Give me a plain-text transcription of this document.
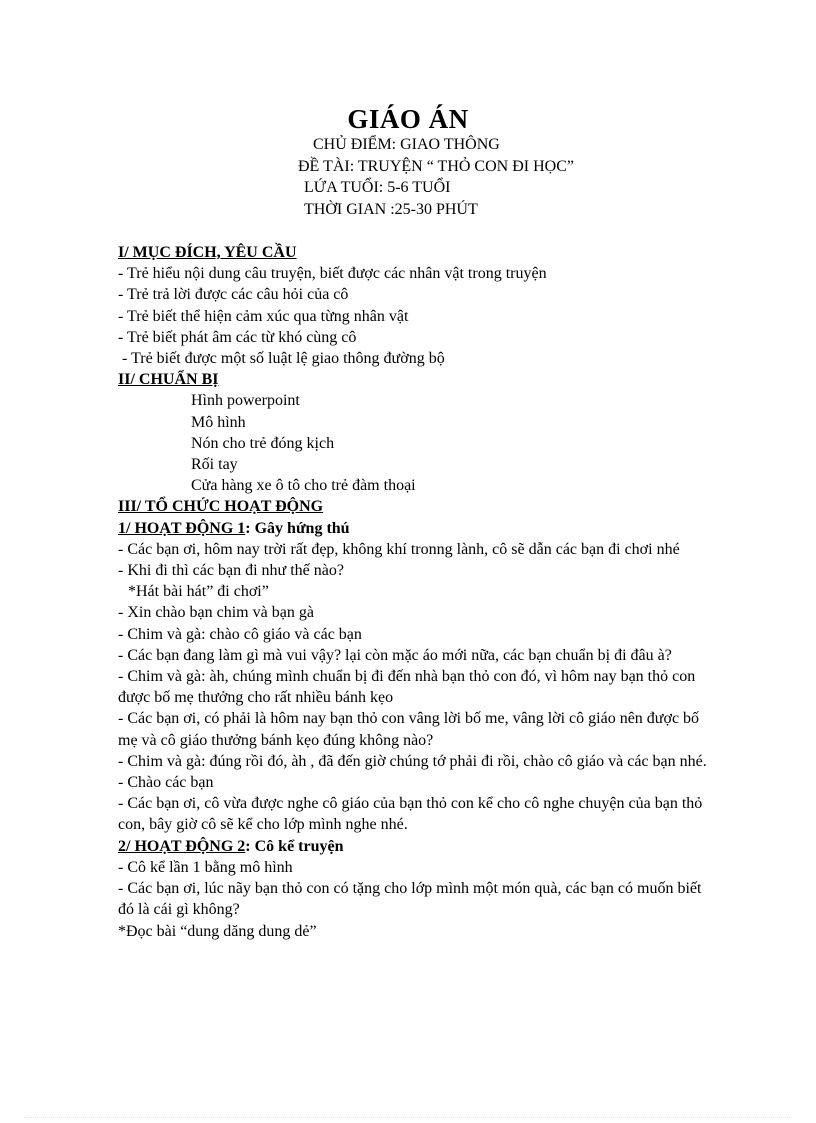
GIÁO ÁN
CHỦ ĐIỂM: GIAO THÔNG
ĐỀ TÀI: TRUYỆN “ THỎ CON ĐI HỌC”
LỨA TUỔI: 5-6 TUỔI
THỜI GIAN :25-30 PHÚT
I/ MỤC ĐÍCH, YÊU CẦU
- Trẻ hiểu nội dung câu truyện, biết được các nhân vật trong truyện
- Trẻ trả lời được các câu hỏi của cô
- Trẻ biết thể hiện cảm xúc qua từng nhân vật
- Trẻ biết phát âm các từ khó cùng cô
- Trẻ biết được một số luật lệ giao thông đường bộ
II/ CHUẨN BỊ
Hình powerpoint
Mô hình
Nón cho trẻ đóng kịch
Rối tay
Cửa hàng xe ô tô cho trẻ đàm thoại
III/ TỔ CHỨC HOẠT ĐỘNG
1/ HOẠT ĐỘNG 1: Gây hứng thú
- Các bạn ơi, hôm nay trời rất đẹp, không khí tronng lành, cô sẽ dẫn các bạn đi chơi nhé
- Khi đi thì các bạn đi như thế nào?
*Hát bài hát” đi chơi”
- Xin chào bạn chim và bạn gà
- Chim và gà: chào cô giáo và các bạn
- Các bạn đang làm gì mà vui vậy? lại còn mặc áo mới nữa, các bạn chuẩn bị đi đâu à?
- Chim và gà: àh, chúng mình chuẩn bị đi đến nhà bạn thỏ con đó, vì hôm nay bạn thỏ con được bố mẹ thưởng cho rất nhiều bánh kẹo
- Các bạn ơi, có phải là hôm nay bạn thỏ con vâng lời bố me, vâng lời cô giáo nên được bố mẹ và cô giáo thưởng bánh kẹo đúng không nào?
- Chim và gà: đúng rồi đó, àh , đã đến giờ chúng tớ phải đi rồi, chào cô giáo và các bạn nhé.
- Chào các bạn
- Các bạn ơi, cô vừa được nghe cô giáo của bạn thỏ con kể cho cô nghe chuyện của bạn thỏ con, bây giờ cô sẽ kể cho lớp mình nghe nhé.
2/ HOẠT ĐỘNG 2: Cô kể truyện
- Cô kể lần 1 bằng mô hình
- Các bạn ơi, lúc nãy bạn thỏ con có tặng cho lớp mình một món quà, các bạn có muốn biết đó là cái gì không?
*Đọc bài “dung dăng dung dẻ”
